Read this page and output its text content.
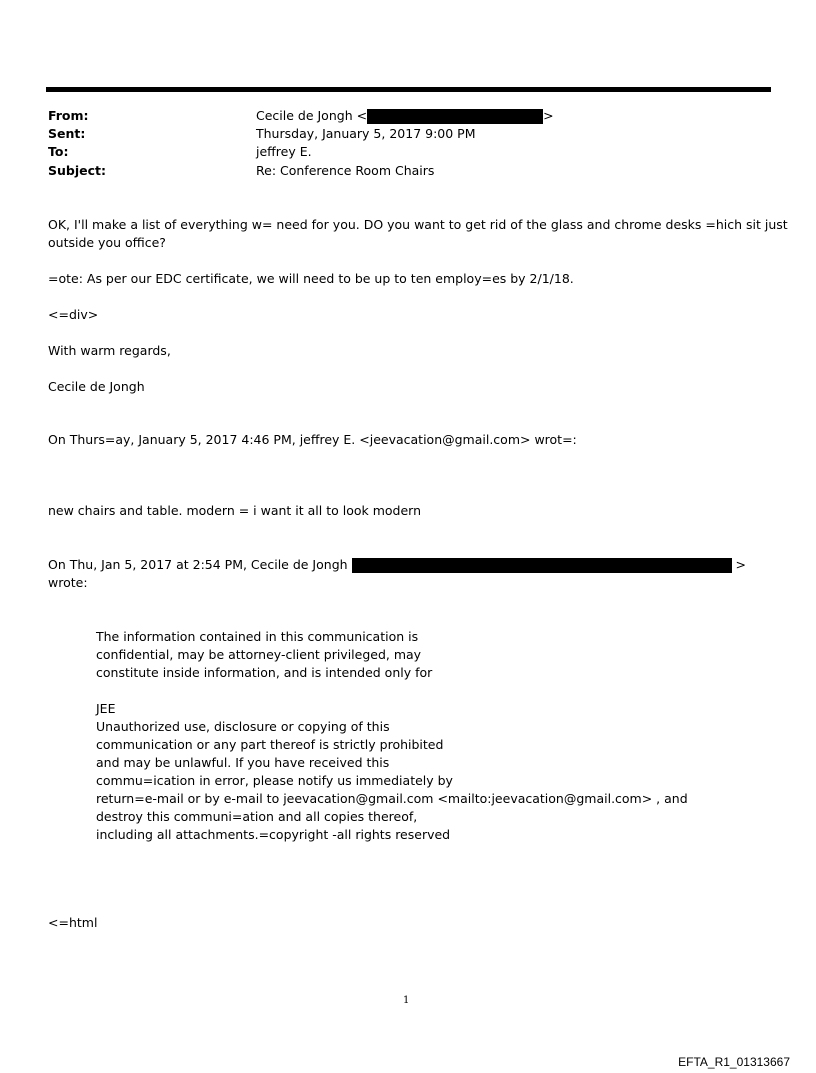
From:	Cecile de Jongh <	>
Sent:	Thursday, January 5, 2017 9:00 PM
To:	jeffrey E.
Subject:	Re: Conference Room Chairs
OK, I'll make a list of everything w= need for you. DO you want to get rid of the glass and chrome desks =hich sit just
outside you office?
=ote: As per our EDC certificate, we will need to be up to ten employ=es by 2/1/18.
<=div>
With warm regards,
Cecile de Jongh
On Thurs=ay, January 5, 2017 4:46 PM, jeffrey E. <jeevacation@gmail.com> wrot=:
new chairs and table. modern = i want it all to look modern
On Thu, Jan 5, 2017 at 2:54 PM, Cecile de Jongh	>
wrote:
The information contained in this communication is
confidential, may be attorney-client privileged, may
constitute inside information, and is intended only for
JEE
Unauthorized use, disclosure or copying of this
communication or any part thereof is strictly prohibited
and may be unlawful. If you have received this
commu=ication in error, please notify us immediately by
return=e-mail or by e-mail to jeevacation@gmail.com <mailto:jeevacation@gmail.com> , and
destroy this communi=ation and all copies thereof,
including all attachments.=copyright -all rights reserved
<=html
1
EFTA_R1_01313667
